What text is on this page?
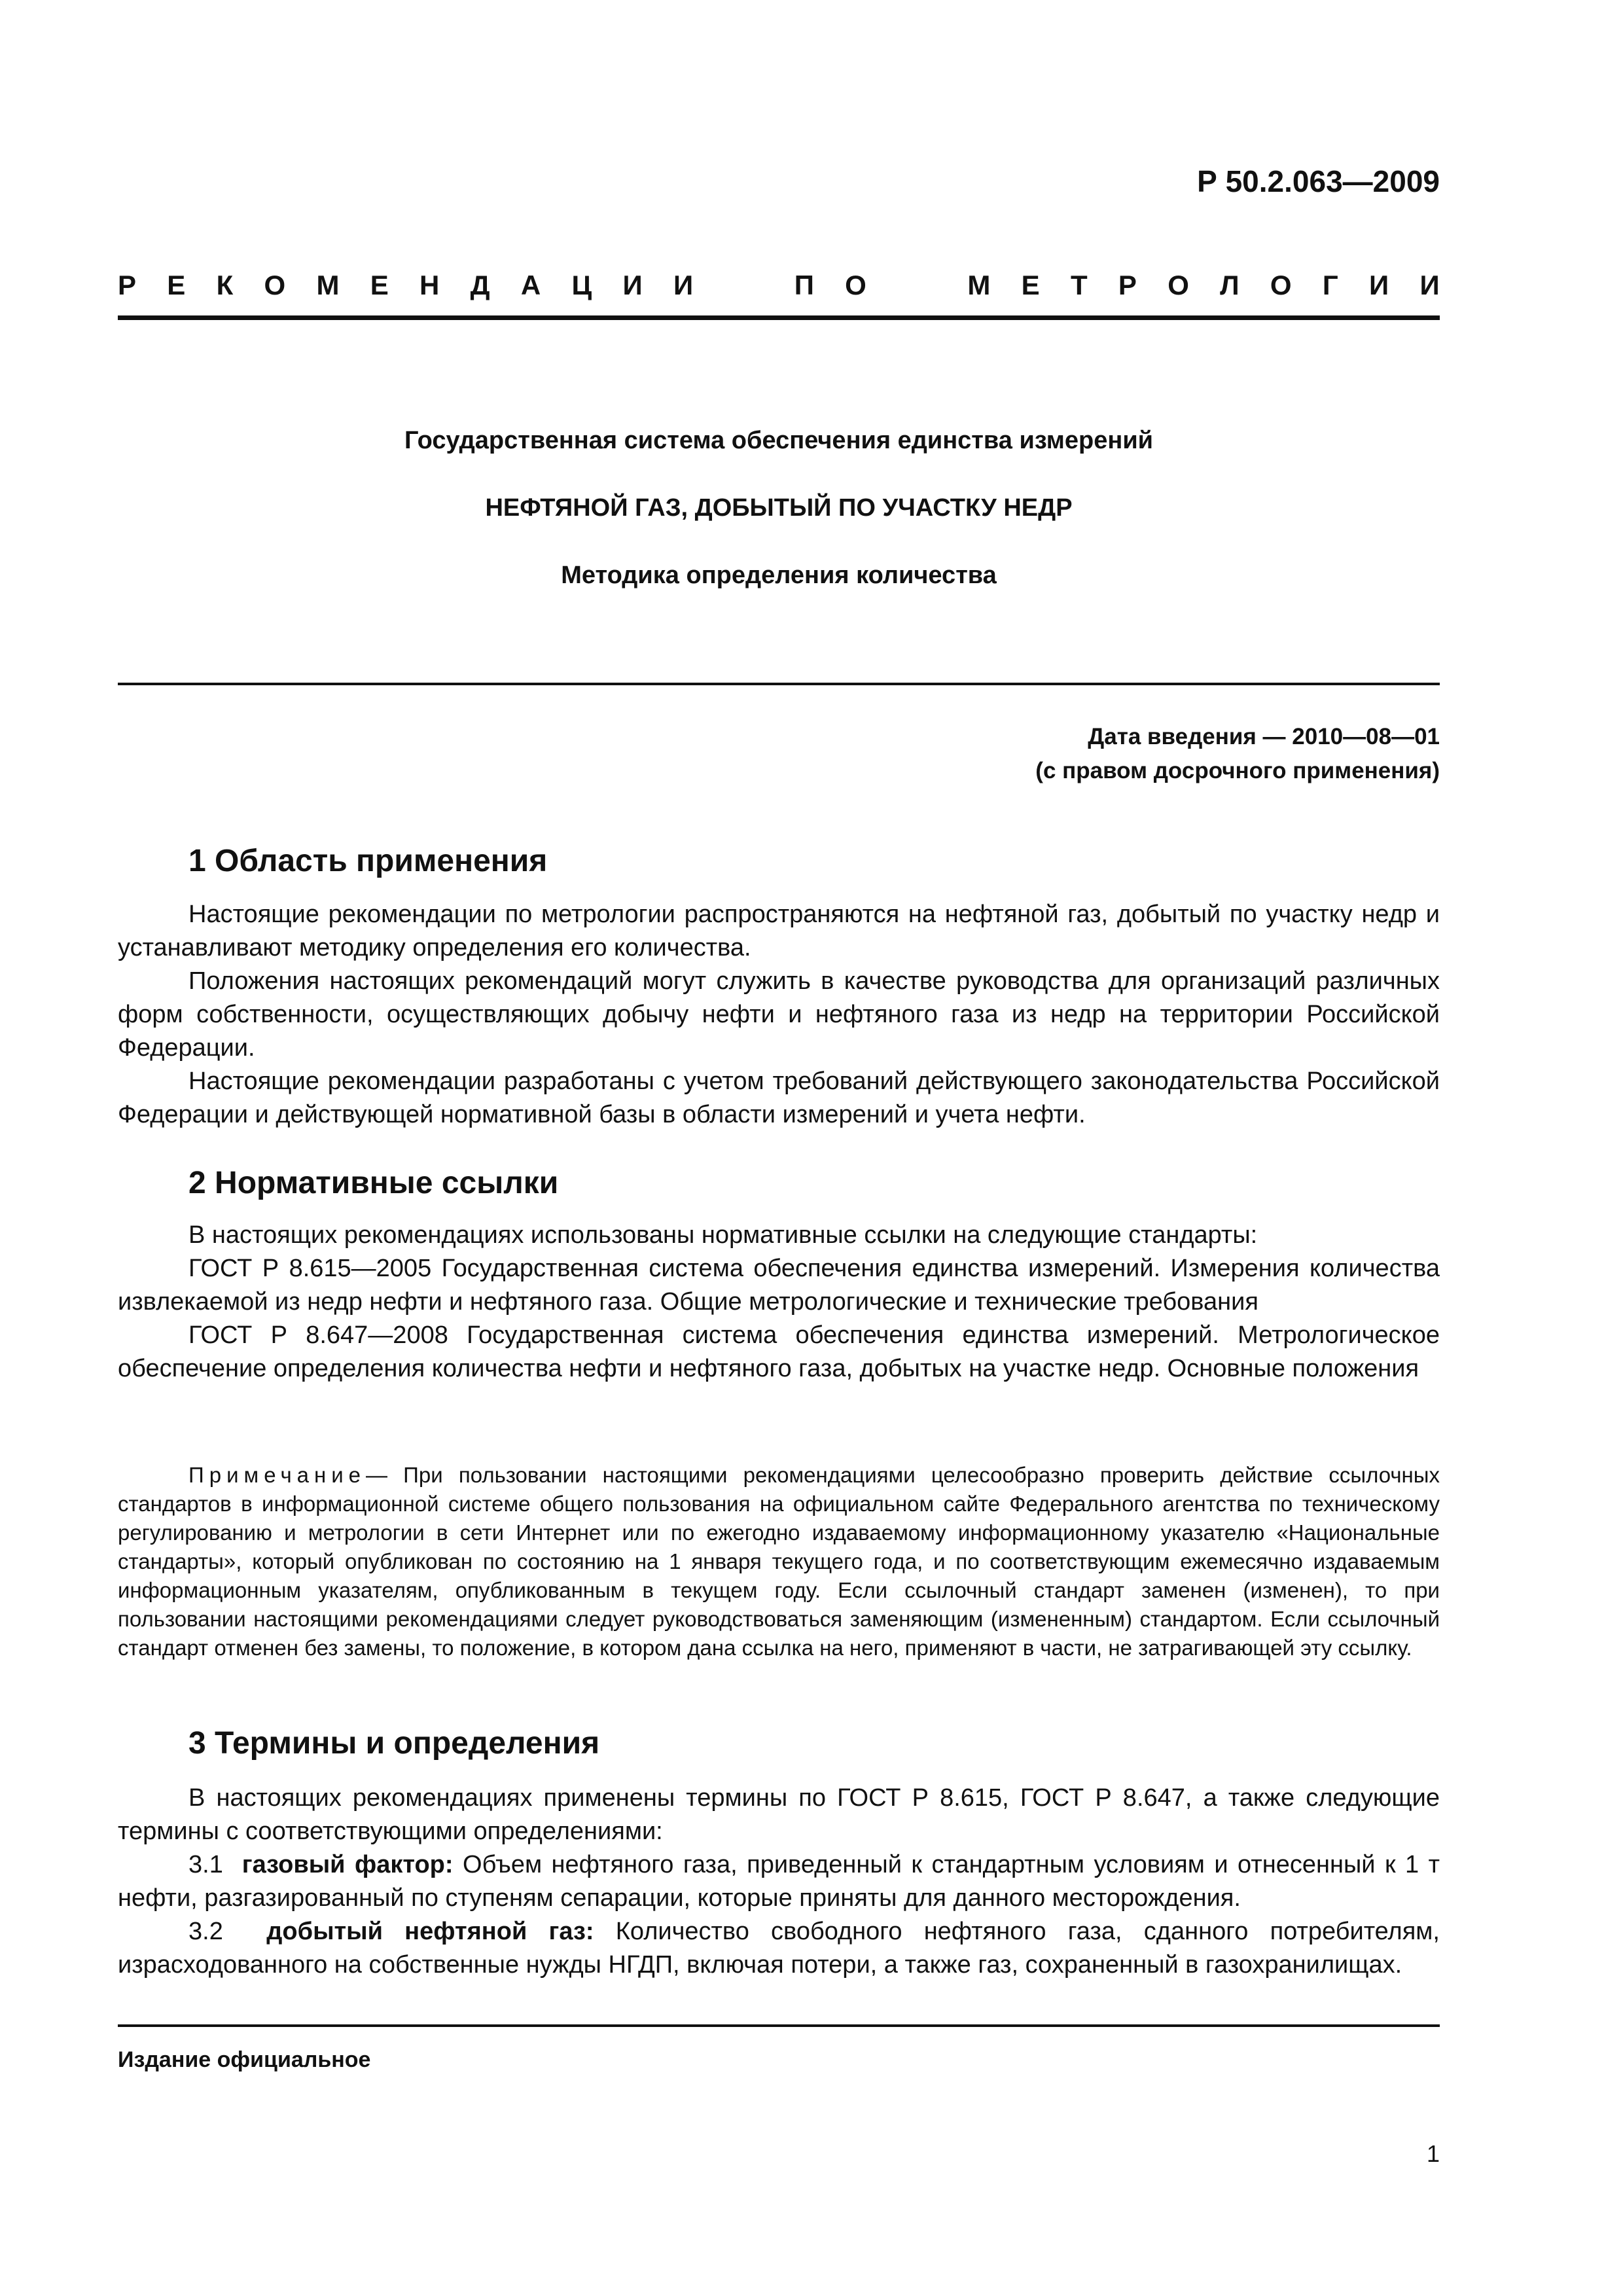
Р 50.2.063—2009
Р Е К О М Е Н Д А Ц И И	П О	М Е Т Р О Л О Г И И
Государственная система обеспечения единства измерений
НЕФТЯНОЙ ГАЗ, ДОБЫТЫЙ ПО УЧАСТКУ НЕДР
Методика определения количества
Дата введения — 2010—08—01
(с правом досрочного применения)
1 Область применения

Настоящие рекомендации по метрологии распространяются на нефтяной газ, добытый по участку недр и устанавливают методику определения его количества.

Положения настоящих рекомендаций могут служить в качестве руководства для организаций различных форм собственности, осуществляющих добычу нефти и нефтяного газа из недр на территории Российской Федерации.

Настоящие рекомендации разработаны с учетом требований действующего законодательства Российской Федерации и действующей нормативной базы в области измерений и учета нефти.

2 Нормативные ссылки

В настоящих рекомендациях использованы нормативные ссылки на следующие стандарты:

ГОСТ Р 8.615—2005 Государственная система обеспечения единства измерений. Измерения количества извлекаемой из недр нефти и нефтяного газа. Общие метрологические и технические требования

ГОСТ Р 8.647—2008 Государственная система обеспечения единства измерений. Метрологическое обеспечение определения количества нефти и нефтяного газа, добытых на участке недр. Основные положения

Примечание— При пользовании настоящими рекомендациями целесообразно проверить действие ссылочных стандартов в информационной системе общего пользования на официальном сайте Федерального агентства по техническому регулированию и метрологии в сети Интернет или по ежегодно издаваемому информационному указателю «Национальные стандарты», который опубликован по состоянию на 1 января текущего года, и по соответствующим ежемесячно издаваемым информационным указателям, опубликованным в текущем году. Если ссылочный стандарт заменен (изменен), то при пользовании настоящими рекомендациями следует руководствоваться заменяющим (измененным) стандартом. Если ссылочный стандарт отменен без замены, то положение, в котором дана ссылка на него, применяют в части, не затрагивающей эту ссылку.

3 Термины и определения

В настоящих рекомендациях применены термины по ГОСТ Р 8.615, ГОСТ Р 8.647, а также следующие термины с соответствующими определениями:

3.1 газовый фактор: Объем нефтяного газа, приведенный к стандартным условиям и отнесенный к 1 т нефти, разгазированный по ступеням сепарации, которые приняты для данного месторождения.

3.2 добытый нефтяной газ: Количество свободного нефтяного газа, сданного потребителям, израсходованного на собственные нужды НГДП, включая потери, а также газ, сохраненный в газохранилищах.

Издание официальное
1
